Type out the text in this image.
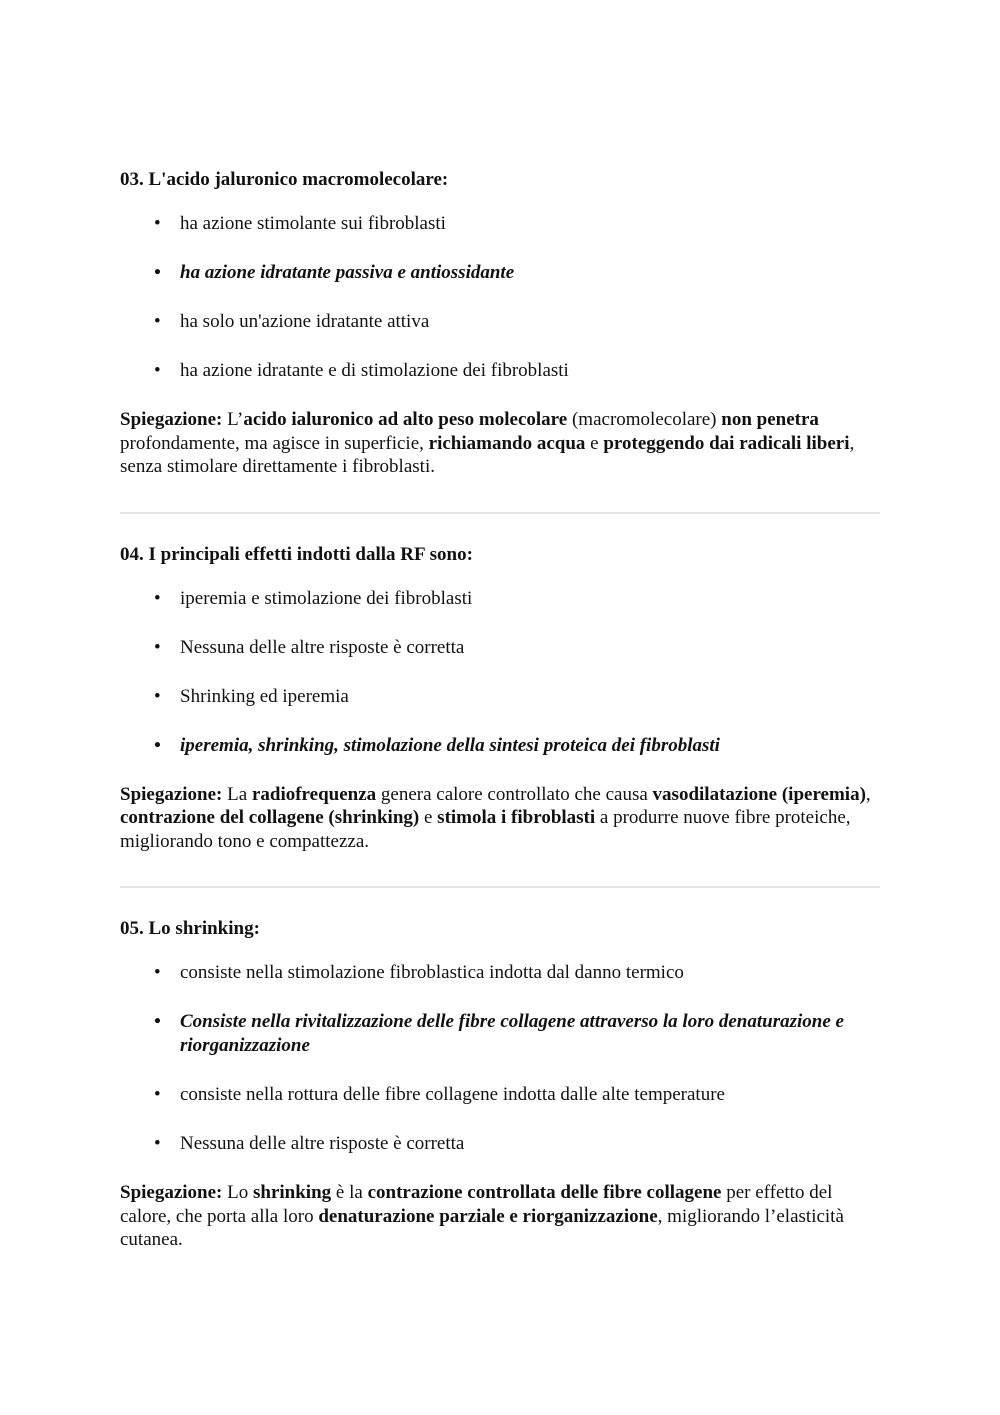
03. L'acido jaluronico macromolecolare:
• ha azione stimolante sui fibroblasti
• ha azione idratante passiva e antiossidante
• ha solo un'azione idratante attiva
• ha azione idratante e di stimolazione dei fibroblasti

Spiegazione: L’acido ialuronico ad alto peso molecolare (macromolecolare) non penetra profondamente, ma agisce in superficie, richiamando acqua e proteggendo dai radicali liberi, senza stimolare direttamente i fibroblasti.

04. I principali effetti indotti dalla RF sono:
• iperemia e stimolazione dei fibroblasti
• Nessuna delle altre risposte è corretta
• Shrinking ed iperemia
• iperemia, shrinking, stimolazione della sintesi proteica dei fibroblasti

Spiegazione: La radiofrequenza genera calore controllato che causa vasodilatazione (iperemia), contrazione del collagene (shrinking) e stimola i fibroblasti a produrre nuove fibre proteiche, migliorando tono e compattezza.

05. Lo shrinking:
• consiste nella stimolazione fibroblastica indotta dal danno termico
• Consiste nella rivitalizzazione delle fibre collagene attraverso la loro denaturazione e riorganizzazione
• consiste nella rottura delle fibre collagene indotta dalle alte temperature
• Nessuna delle altre risposte è corretta

Spiegazione: Lo shrinking è la contrazione controllata delle fibre collagene per effetto del calore, che porta alla loro denaturazione parziale e riorganizzazione, migliorando l’elasticità cutanea.
